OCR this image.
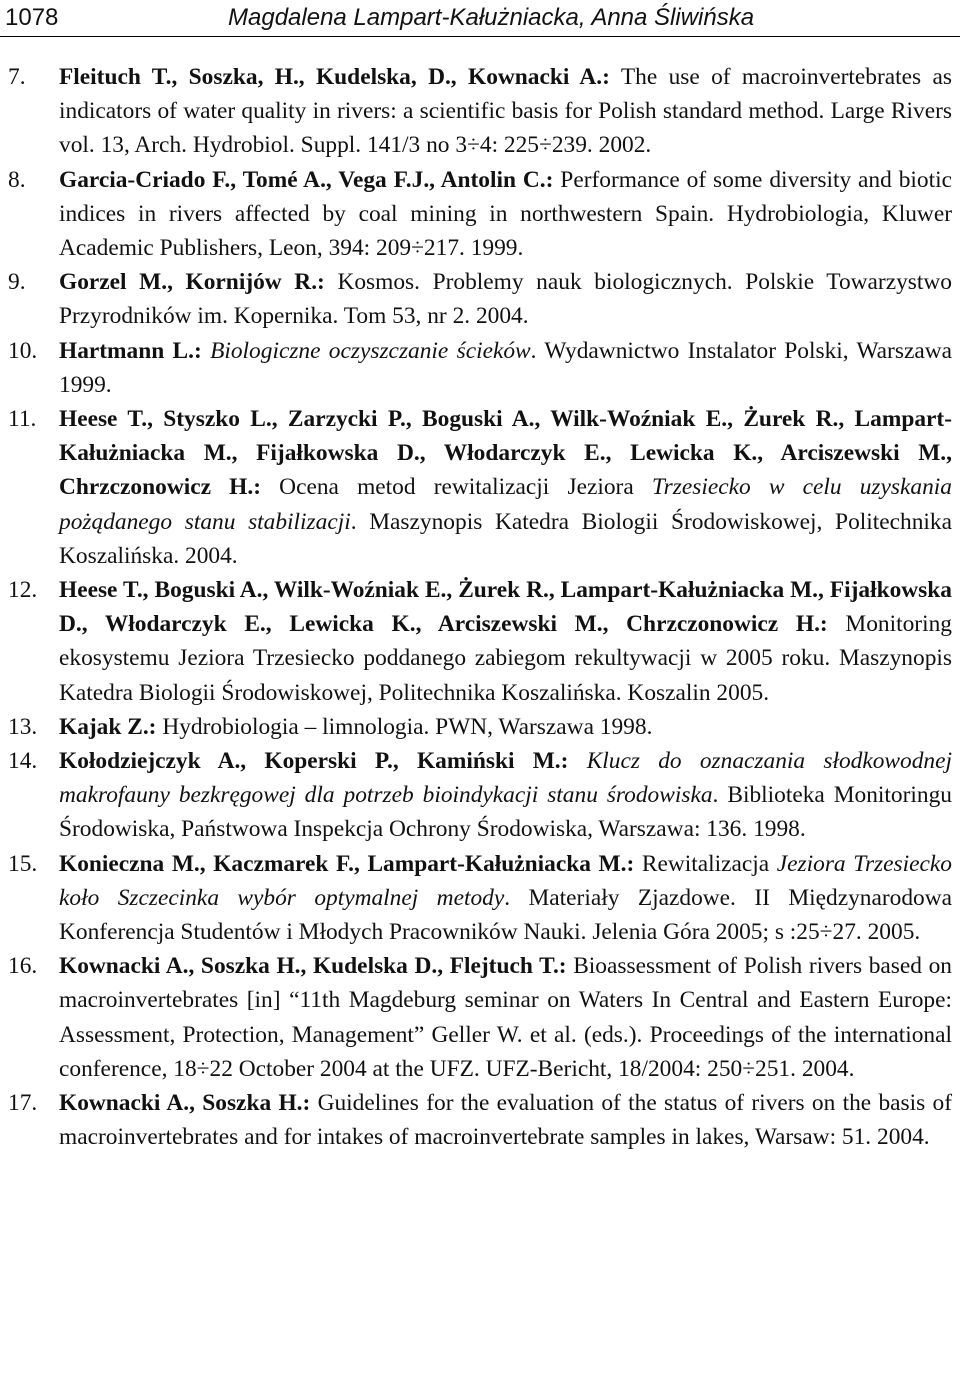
1078	Magdalena Lampart-Kałużniacka, Anna Śliwińska
7. Fleituch T., Soszka, H., Kudelska, D., Kownacki A.: The use of macroinvertebrates as indicators of water quality in rivers: a scientific basis for Polish standard method. Large Rivers vol. 13, Arch. Hydrobiol. Suppl. 141/3 no 3÷4: 225÷239. 2002.
8. Garcia-Criado F., Tomé A., Vega F.J., Antolin C.: Performance of some diversity and biotic indices in rivers affected by coal mining in northwestern Spain. Hydrobiologia, Kluwer Academic Publishers, Leon, 394: 209÷217. 1999.
9. Gorzel M., Kornijów R.: Kosmos. Problemy nauk biologicznych. Polskie Towarzystwo Przyrodników im. Kopernika. Tom 53, nr 2. 2004.
10. Hartmann L.: Biologiczne oczyszczanie ścieków. Wydawnictwo Instalator Polski, Warszawa 1999.
11. Heese T., Styszko L., Zarzycki P., Boguski A., Wilk-Woźniak E., Żurek R., Lampart-Kałużniacka M., Fijałkowska D., Włodarczyk E., Lewicka K., Arciszewski M., Chrzczonowicz H.: Ocena metod rewitalizacji Jeziora Trzesiecko w celu uzyskania pożądanego stanu stabilizacji. Maszynopis Katedra Biologii Środowiskowej, Politechnika Koszalińska. 2004.
12. Heese T., Boguski A., Wilk-Woźniak E., Żurek R., Lampart-Kałużniacka M., Fijałkowska D., Włodarczyk E., Lewicka K., Arciszewski M., Chrzczonowicz H.: Monitoring ekosystemu Jeziora Trzesiecko poddanego zabiegom rekultywacji w 2005 roku. Maszynopis Katedra Biologii Środowiskowej, Politechnika Koszalińska. Koszalin 2005.
13. Kajak Z.: Hydrobiologia – limnologia. PWN, Warszawa 1998.
14. Kołodziejczyk A., Koperski P., Kamiński M.: Klucz do oznaczania słodkowodnej makrofauny bezkręgowej dla potrzeb bioindykacji stanu środowiska. Biblioteka Monitoringu Środowiska, Państwowa Inspekcja Ochrony Środowiska, Warszawa: 136. 1998.
15. Konieczna M., Kaczmarek F., Lampart-Kałużniacka M.: Rewitalizacja Jeziora Trzesiecko koło Szczecinka wybór optymalnej metody. Materiały Zjazdowe. II Międzynarodowa Konferencja Studentów i Młodych Pracowników Nauki. Jelenia Góra 2005; s :25÷27. 2005.
16. Kownacki A., Soszka H., Kudelska D., Flejtuch T.: Bioassessment of Polish rivers based on macroinvertebrates [in] “11th Magdeburg seminar on Waters In Central and Eastern Europe: Assessment, Protection, Management” Geller W. et al. (eds.). Proceedings of the international conference, 18÷22 October 2004 at the UFZ. UFZ-Bericht, 18/2004: 250÷251. 2004.
17. Kownacki A., Soszka H.: Guidelines for the evaluation of the status of rivers on the basis of macroinvertebrates and for intakes of macroinvertebrate samples in lakes, Warsaw: 51. 2004.
